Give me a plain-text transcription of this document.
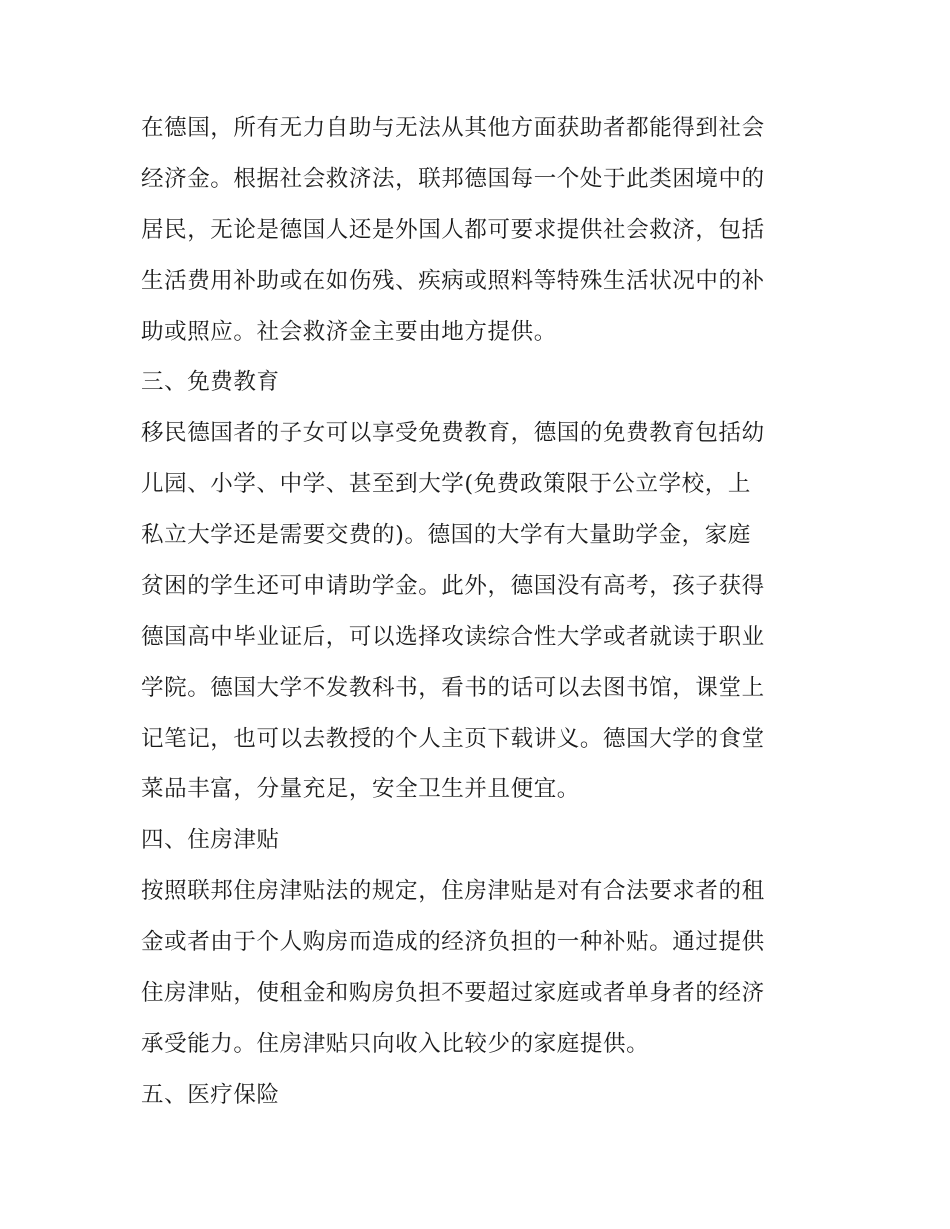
在德国，所有无力自助与无法从其他方面获助者都能得到社会
经济金。根据社会救济法，联邦德国每一个处于此类困境中的
居民，无论是德国人还是外国人都可要求提供社会救济，包括
生活费用补助或在如伤残、疾病或照料等特殊生活状况中的补
助或照应。社会救济金主要由地方提供。
三、免费教育
移民德国者的子女可以享受免费教育，德国的免费教育包括幼
儿园、小学、中学、甚至到大学(免费政策限于公立学校，上
私立大学还是需要交费的)。德国的大学有大量助学金，家庭
贫困的学生还可申请助学金。此外，德国没有高考，孩子获得
德国高中毕业证后，可以选择攻读综合性大学或者就读于职业
学院。德国大学不发教科书，看书的话可以去图书馆，课堂上
记笔记，也可以去教授的个人主页下载讲义。德国大学的食堂
菜品丰富，分量充足，安全卫生并且便宜。
四、住房津贴
按照联邦住房津贴法的规定，住房津贴是对有合法要求者的租
金或者由于个人购房而造成的经济负担的一种补贴。通过提供
住房津贴，使租金和购房负担不要超过家庭或者单身者的经济
承受能力。住房津贴只向收入比较少的家庭提供。
五、医疗保险
